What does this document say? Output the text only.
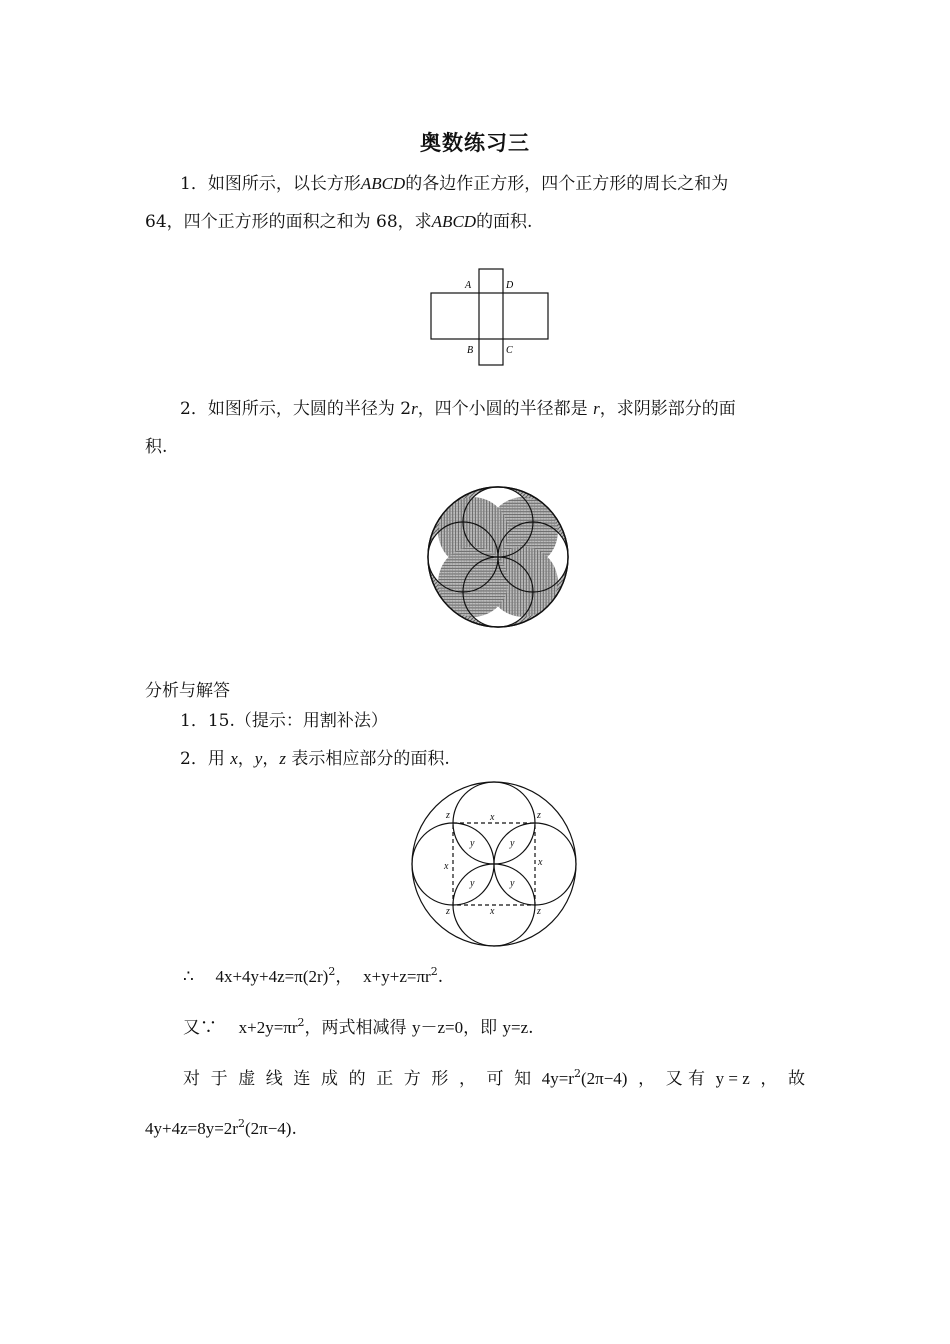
奥数练习三
1．如图所示，以长方形ABCD的各边作正方形，四个正方形的周长之和为
64，四个正方形的面积之和为 68，求ABCD的面积.
A	D
B	C
2．如图所示，大圆的半径为 2r，四个小圆的半径都是 r，求阴影部分的面
积.
分析与解答
1．15.（提示：用割补法）
2．用 x，y，z 表示相应部分的面积.
x
x
x	x
y	y
y	y
z	z
z	z
∴ $4x+4y+4z=\pi(2r)^2$， $x+y+z=\pi r^2$.
又∵ $x+2y=\pi r^2$，两式相减得 y－z=0，即 y=z.
对 于 虚 线 连 成 的 正 方 形 ， 可 知 $4y=r^2(2\pi-4)$ ， 又 有 y = z ， 故
$4y+4z=8y=2r^2(2\pi-4)$.
